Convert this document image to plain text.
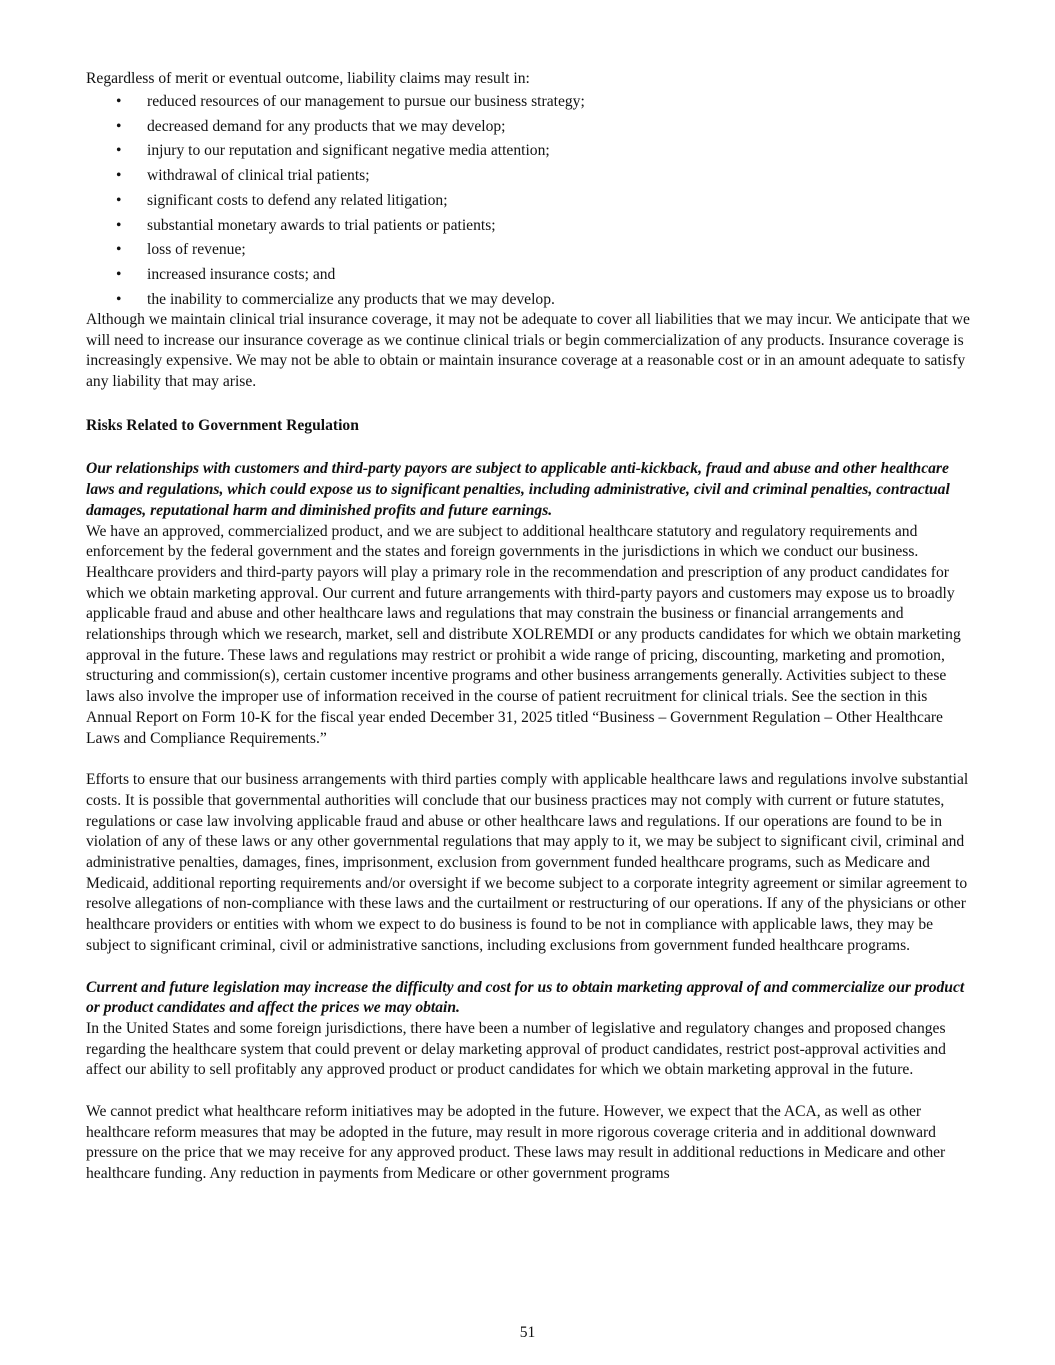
Regardless of merit or eventual outcome, liability claims may result in:

• reduced resources of our management to pursue our business strategy;
• decreased demand for any products that we may develop;
• injury to our reputation and significant negative media attention;
• withdrawal of clinical trial patients;
• significant costs to defend any related litigation;
• substantial monetary awards to trial patients or patients;
• loss of revenue;
• increased insurance costs; and
• the inability to commercialize any products that we may develop.

Although we maintain clinical trial insurance coverage, it may not be adequate to cover all liabilities that we may incur. We anticipate that we will need to increase our insurance coverage as we continue clinical trials or begin commercialization of any products. Insurance coverage is increasingly expensive. We may not be able to obtain or maintain insurance coverage at a reasonable cost or in an amount adequate to satisfy any liability that may arise.

Risks Related to Government Regulation

Our relationships with customers and third-party payors are subject to applicable anti-kickback, fraud and abuse and other healthcare laws and regulations, which could expose us to significant penalties, including administrative, civil and criminal penalties, contractual damages, reputational harm and diminished profits and future earnings.

We have an approved, commercialized product, and we are subject to additional healthcare statutory and regulatory requirements and enforcement by the federal government and the states and foreign governments in the jurisdictions in which we conduct our business. Healthcare providers and third-party payors will play a primary role in the recommendation and prescription of any product candidates for which we obtain marketing approval. Our current and future arrangements with third-party payors and customers may expose us to broadly applicable fraud and abuse and other healthcare laws and regulations that may constrain the business or financial arrangements and relationships through which we research, market, sell and distribute XOLREMDI or any products candidates for which we obtain marketing approval in the future. These laws and regulations may restrict or prohibit a wide range of pricing, discounting, marketing and promotion, structuring and commission(s), certain customer incentive programs and other business arrangements generally. Activities subject to these laws also involve the improper use of information received in the course of patient recruitment for clinical trials. See the section in this Annual Report on Form 10-K for the fiscal year ended December 31, 2025 titled “Business – Government Regulation – Other Healthcare Laws and Compliance Requirements.”

Efforts to ensure that our business arrangements with third parties comply with applicable healthcare laws and regulations involve substantial costs. It is possible that governmental authorities will conclude that our business practices may not comply with current or future statutes, regulations or case law involving applicable fraud and abuse or other healthcare laws and regulations. If our operations are found to be in violation of any of these laws or any other governmental regulations that may apply to it, we may be subject to significant civil, criminal and administrative penalties, damages, fines, imprisonment, exclusion from government funded healthcare programs, such as Medicare and Medicaid, additional reporting requirements and/or oversight if we become subject to a corporate integrity agreement or similar agreement to resolve allegations of non-compliance with these laws and the curtailment or restructuring of our operations. If any of the physicians or other healthcare providers or entities with whom we expect to do business is found to be not in compliance with applicable laws, they may be subject to significant criminal, civil or administrative sanctions, including exclusions from government funded healthcare programs.

Current and future legislation may increase the difficulty and cost for us to obtain marketing approval of and commercialize our product or product candidates and affect the prices we may obtain.

In the United States and some foreign jurisdictions, there have been a number of legislative and regulatory changes and proposed changes regarding the healthcare system that could prevent or delay marketing approval of product candidates, restrict post-approval activities and affect our ability to sell profitably any approved product or product candidates for which we obtain marketing approval in the future.

We cannot predict what healthcare reform initiatives may be adopted in the future. However, we expect that the ACA, as well as other healthcare reform measures that may be adopted in the future, may result in more rigorous coverage criteria and in additional downward pressure on the price that we may receive for any approved product. These laws may result in additional reductions in Medicare and other healthcare funding. Any reduction in payments from Medicare or other government programs

51
